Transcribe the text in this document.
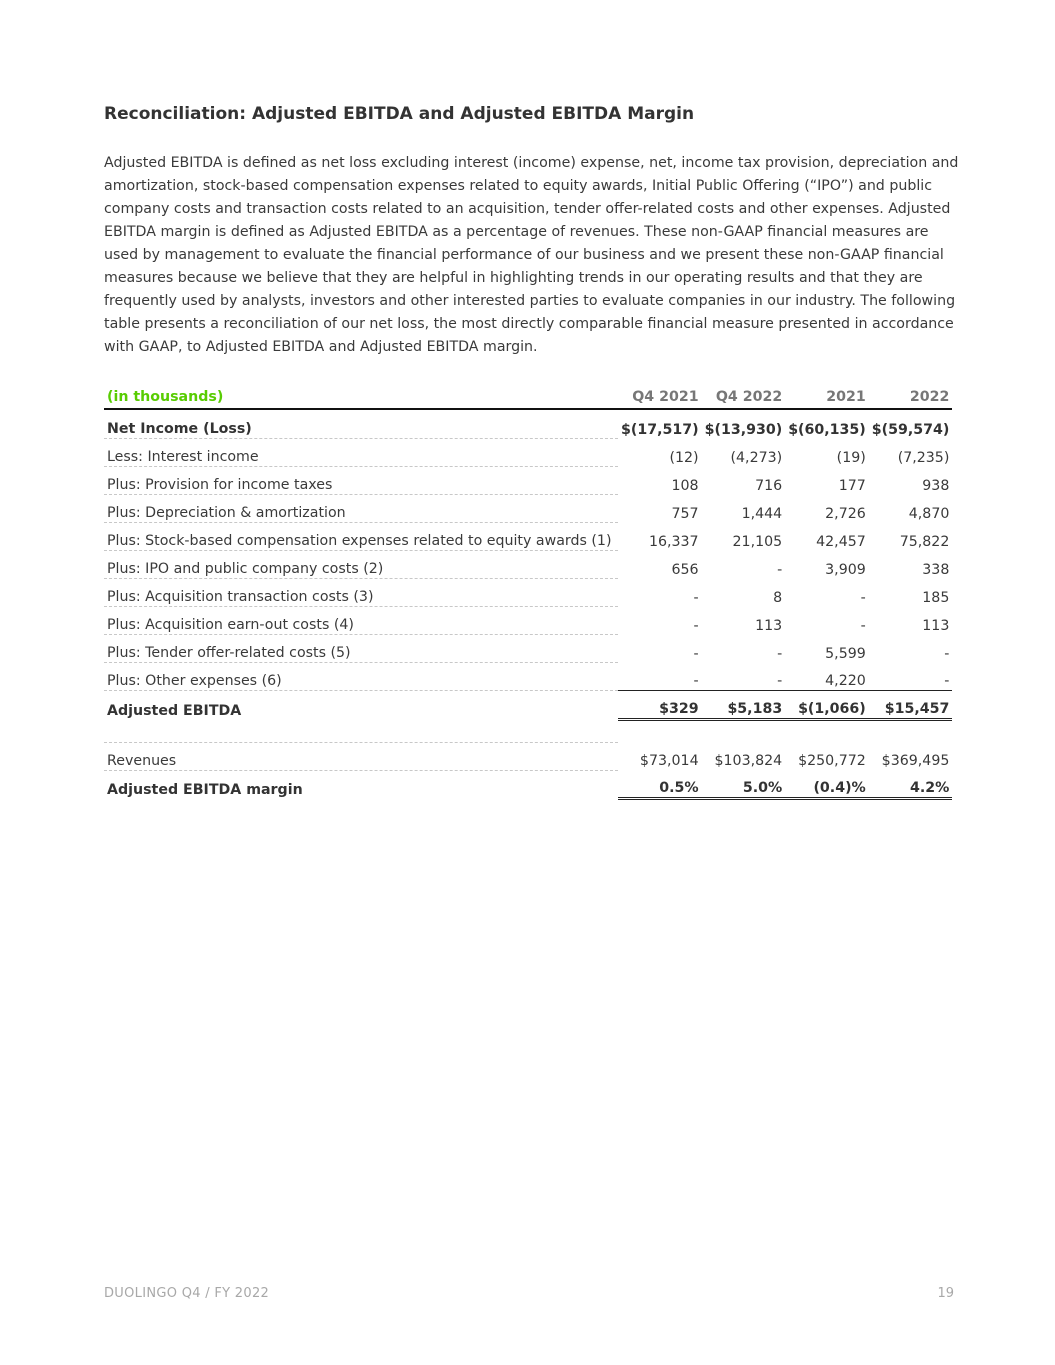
Reconciliation: Adjusted EBITDA and Adjusted EBITDA Margin
Adjusted EBITDA is defined as net loss excluding interest (income) expense, net, income tax provision, depreciation and amortization, stock-based compensation expenses related to equity awards, Initial Public Offering (“IPO”) and public company costs and transaction costs related to an acquisition, tender offer-related costs and other expenses. Adjusted EBITDA margin is defined as Adjusted EBITDA as a percentage of revenues. These non-GAAP financial measures are used by management to evaluate the financial performance of our business and we present these non-GAAP financial measures because we believe that they are helpful in highlighting trends in our operating results and that they are frequently used by analysts, investors and other interested parties to evaluate companies in our industry. The following table presents a reconciliation of our net loss, the most directly comparable financial measure presented in accordance with GAAP, to Adjusted EBITDA and Adjusted EBITDA margin.
(in thousands)	Q4 2021	Q4 2022	2021	2022
Net Income (Loss)	$(17,517)	$(13,930)	$(60,135)	$(59,574)
Less: Interest income	(12)	(4,273)	(19)	(7,235)
Plus: Provision for income taxes	108	716	177	938
Plus: Depreciation & amortization	757	1,444	2,726	4,870
Plus: Stock-based compensation expenses related to equity awards (1)	16,337	21,105	42,457	75,822
Plus: IPO and public company costs (2)	656	-	3,909	338
Plus: Acquisition transaction costs (3)	-	8	-	185
Plus: Acquisition earn-out costs (4)	-	113	-	113
Plus: Tender offer-related costs (5)	-	-	5,599	-
Plus: Other expenses (6)	-	-	4,220	-
Adjusted EBITDA	$329	$5,183	$(1,066)	$15,457

Revenues	$73,014	$103,824	$250,772	$369,495
Adjusted EBITDA margin	0.5%	5.0%	(0.4)%	4.2%
DUOLINGO Q4 / FY 2022	19
